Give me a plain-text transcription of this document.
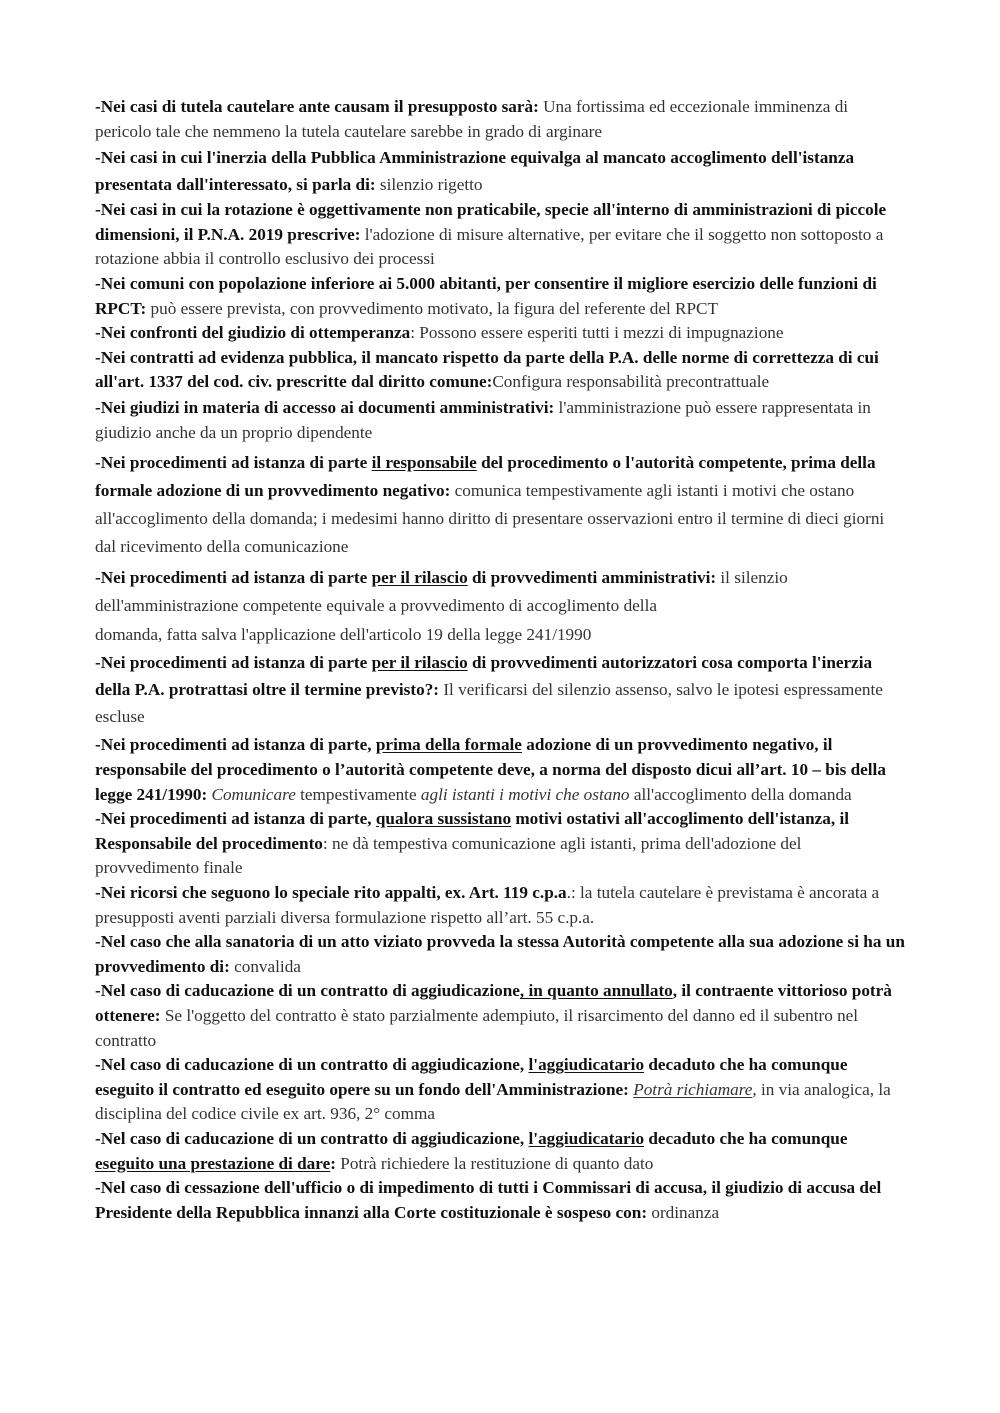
-Nei casi di tutela cautelare ante causam il presupposto sarà: Una fortissima ed eccezionale imminenza di pericolo tale che nemmeno la tutela cautelare sarebbe in grado di arginare

-Nei casi in cui l'inerzia della Pubblica Amministrazione equivalga al mancato accoglimento dell'istanza presentata dall'interessato, si parla di: silenzio rigetto

-Nei casi in cui la rotazione è oggettivamente non praticabile, specie all'interno di amministrazioni di piccole dimensioni, il P.N.A. 2019 prescrive: l'adozione di misure alternative, per evitare che il soggetto non sottoposto a rotazione abbia il controllo esclusivo dei processi

-Nei comuni con popolazione inferiore ai 5.000 abitanti, per consentire il migliore esercizio delle funzioni di RPCT: può essere prevista, con provvedimento motivato, la figura del referente del RPCT

-Nei confronti del giudizio di ottemperanza: Possono essere esperiti tutti i mezzi di impugnazione

-Nei contratti ad evidenza pubblica, il mancato rispetto da parte della P.A. delle norme di correttezza di cui all'art. 1337 del cod. civ. prescritte dal diritto comune:Configura responsabilità precontrattuale

-Nei giudizi in materia di accesso ai documenti amministrativi: l'amministrazione può essere rappresentata in giudizio anche da un proprio dipendente

-Nei procedimenti ad istanza di parte il responsabile del procedimento o l'autorità competente, prima della formale adozione di un provvedimento negativo: comunica tempestivamente agli istanti i motivi che ostano all'accoglimento della domanda; i medesimi hanno diritto di presentare osservazioni entro il termine di dieci giorni dal ricevimento della comunicazione

-Nei procedimenti ad istanza di parte per il rilascio di provvedimenti amministrativi: il silenzio dell'amministrazione competente equivale a provvedimento di accoglimento della
domanda, fatta salva l'applicazione dell'articolo 19 della legge 241/1990

-Nei procedimenti ad istanza di parte per il rilascio di provvedimenti autorizzatori cosa comporta l'inerzia della P.A. protrattasi oltre il termine previsto?: Il verificarsi del silenzio assenso, salvo le ipotesi espressamente escluse

-Nei procedimenti ad istanza di parte, prima della formale adozione di un provvedimento negativo, il responsabile del procedimento o l’autorità competente deve, a norma del disposto dicui all’art. 10 – bis della legge 241/1990: Comunicare tempestivamente agli istanti i motivi che ostano all'accoglimento della domanda

-Nei procedimenti ad istanza di parte, qualora sussistano motivi ostativi all'accoglimento dell'istanza, il Responsabile del procedimento: ne dà tempestiva comunicazione agli istanti, prima dell'adozione del provvedimento finale

-Nei ricorsi che seguono lo speciale rito appalti, ex. Art. 119 c.p.a.: la tutela cautelare è previstama è ancorata a presupposti aventi parziali diversa formulazione rispetto all’art. 55 c.p.a.

-Nel caso che alla sanatoria di un atto viziato provveda la stessa Autorità competente alla sua adozione si ha un provvedimento di: convalida

-Nel caso di caducazione di un contratto di aggiudicazione, in quanto annullato, il contraente vittorioso potrà ottenere: Se l'oggetto del contratto è stato parzialmente adempiuto, il risarcimento del danno ed il subentro nel contratto

-Nel caso di caducazione di un contratto di aggiudicazione, l'aggiudicatario decaduto che ha comunque eseguito il contratto ed eseguito opere su un fondo dell'Amministrazione: Potrà richiamare, in via analogica, la disciplina del codice civile ex art. 936, 2° comma

-Nel caso di caducazione di un contratto di aggiudicazione, l'aggiudicatario decaduto che ha comunque eseguito una prestazione di dare: Potrà richiedere la restituzione di quanto dato

-Nel caso di cessazione dell'ufficio o di impedimento di tutti i Commissari di accusa, il giudizio di accusa del Presidente della Repubblica innanzi alla Corte costituzionale è sospeso con: ordinanza
